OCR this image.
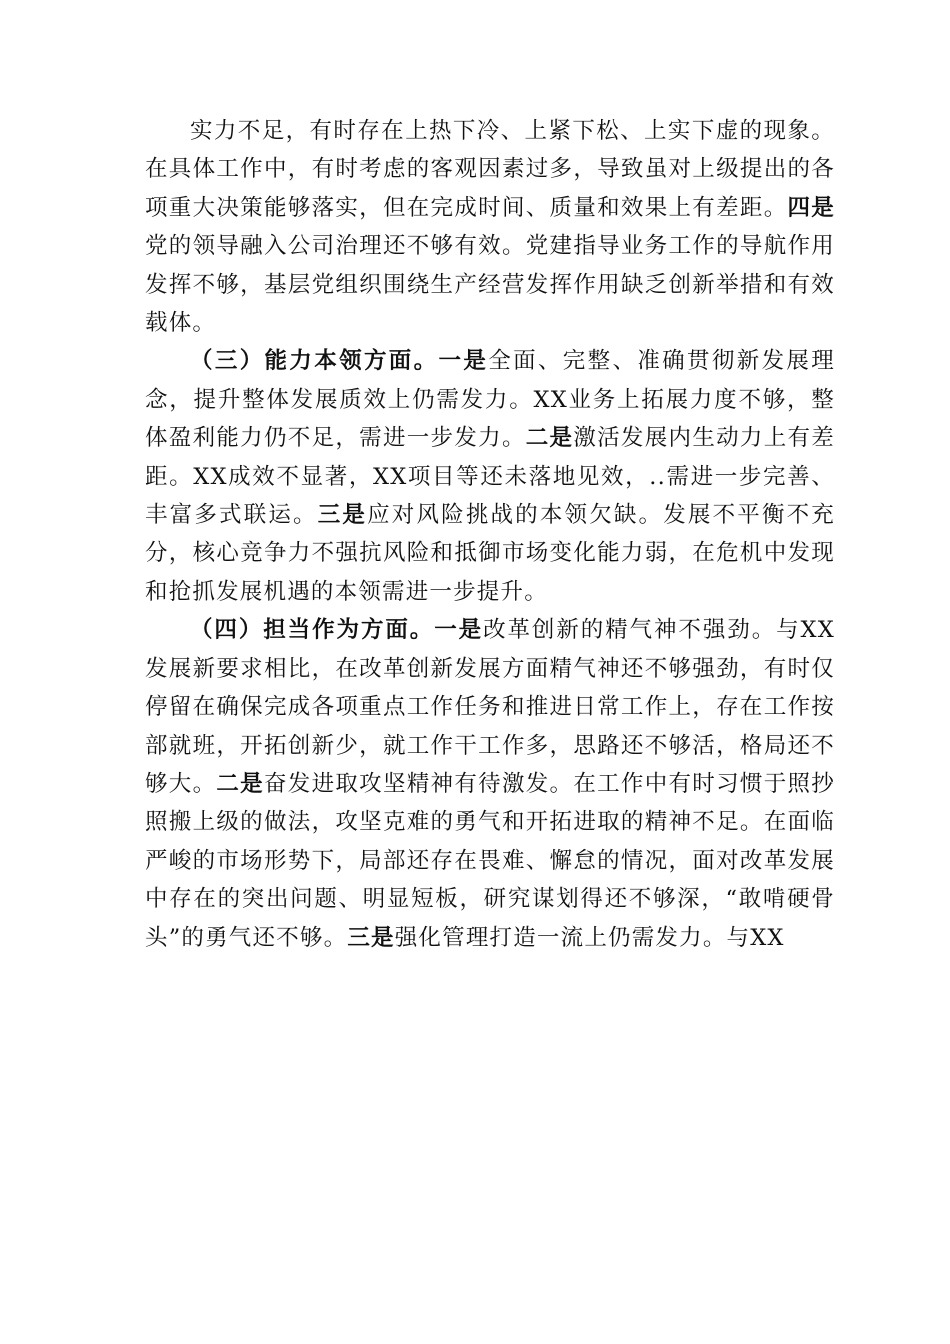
实力不足，有时存在上热下冷、上紧下松、上实下虚的现象。在具体工作中，有时考虑的客观因素过多，导致虽对上级提出的各项重大决策能够落实，但在完成时间、质量和效果上有差距。四是党的领导融入公司治理还不够有效。党建指导业务工作的导航作用发挥不够，基层党组织围绕生产经营发挥作用缺乏创新举措和有效载体。

（三）能力本领方面。一是全面、完整、准确贯彻新发展理念，提升整体发展质效上仍需发力。XX业务上拓展力度不够，整体盈利能力仍不足，需进一步发力。二是激活发展内生动力上有差距。XX成效不显著，XX项目等还未落地见效，..需进一步完善、丰富多式联运。三是应对风险挑战的本领欠缺。发展不平衡不充分，核心竞争力不强抗风险和抵御市场变化能力弱，在危机中发现和抢抓发展机遇的本领需进一步提升。

（四）担当作为方面。一是改革创新的精气神不强劲。与XX发展新要求相比，在改革创新发展方面精气神还不够强劲，有时仅停留在确保完成各项重点工作任务和推进日常工作上，存在工作按部就班，开拓创新少，就工作干工作多，思路还不够活，格局还不够大。二是奋发进取攻坚精神有待激发。在工作中有时习惯于照抄照搬上级的做法，攻坚克难的勇气和开拓进取的精神不足。在面临严峻的市场形势下，局部还存在畏难、懈怠的情况，面对改革发展中存在的突出问题、明显短板，研究谋划得还不够深，“敢啃硬骨头”的勇气还不够。三是强化管理打造一流上仍需发力。与XX
